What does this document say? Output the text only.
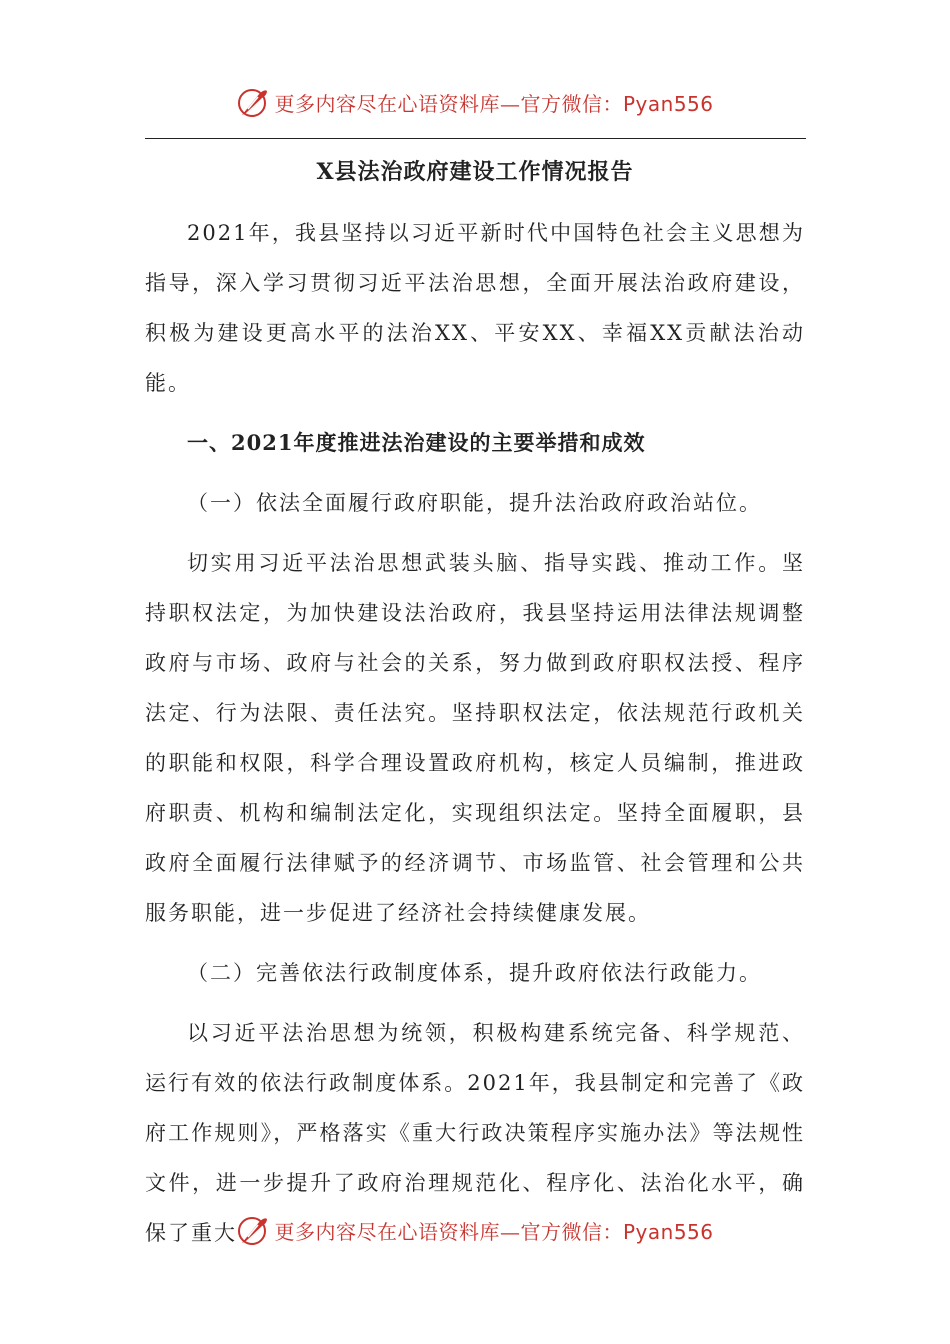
更多内容尽在心语资料库—官方微信：Pyan556
X县法治政府建设工作情况报告

2021年，我县坚持以习近平新时代中国特色社会主义思想为指导，深入学习贯彻习近平法治思想，全面开展法治政府建设，积极为建设更高水平的法治XX、平安XX、幸福XX贡献法治动能。

一、2021年度推进法治建设的主要举措和成效

（一）依法全面履行政府职能，提升法治政府政治站位。

切实用习近平法治思想武装头脑、指导实践、推动工作。坚持职权法定，为加快建设法治政府，我县坚持运用法律法规调整政府与市场、政府与社会的关系，努力做到政府职权法授、程序法定、行为法限、责任法究。坚持职权法定，依法规范行政机关的职能和权限，科学合理设置政府机构，核定人员编制，推进政府职责、机构和编制法定化，实现组织法定。坚持全面履职，县政府全面履行法律赋予的经济调节、市场监管、社会管理和公共服务职能，进一步促进了经济社会持续健康发展。

（二）完善依法行政制度体系，提升政府依法行政能力。

以习近平法治思想为统领，积极构建系统完备、科学规范、运行有效的依法行政制度体系。2021年，我县制定和完善了《政府工作规则》，严格落实《重大行政决策程序实施办法》等法规性文件，进一步提升了政府治理规范化、程序化、法治化水平，确保了重大	更多内容尽在心语资料库—官方微信：Pyan556
